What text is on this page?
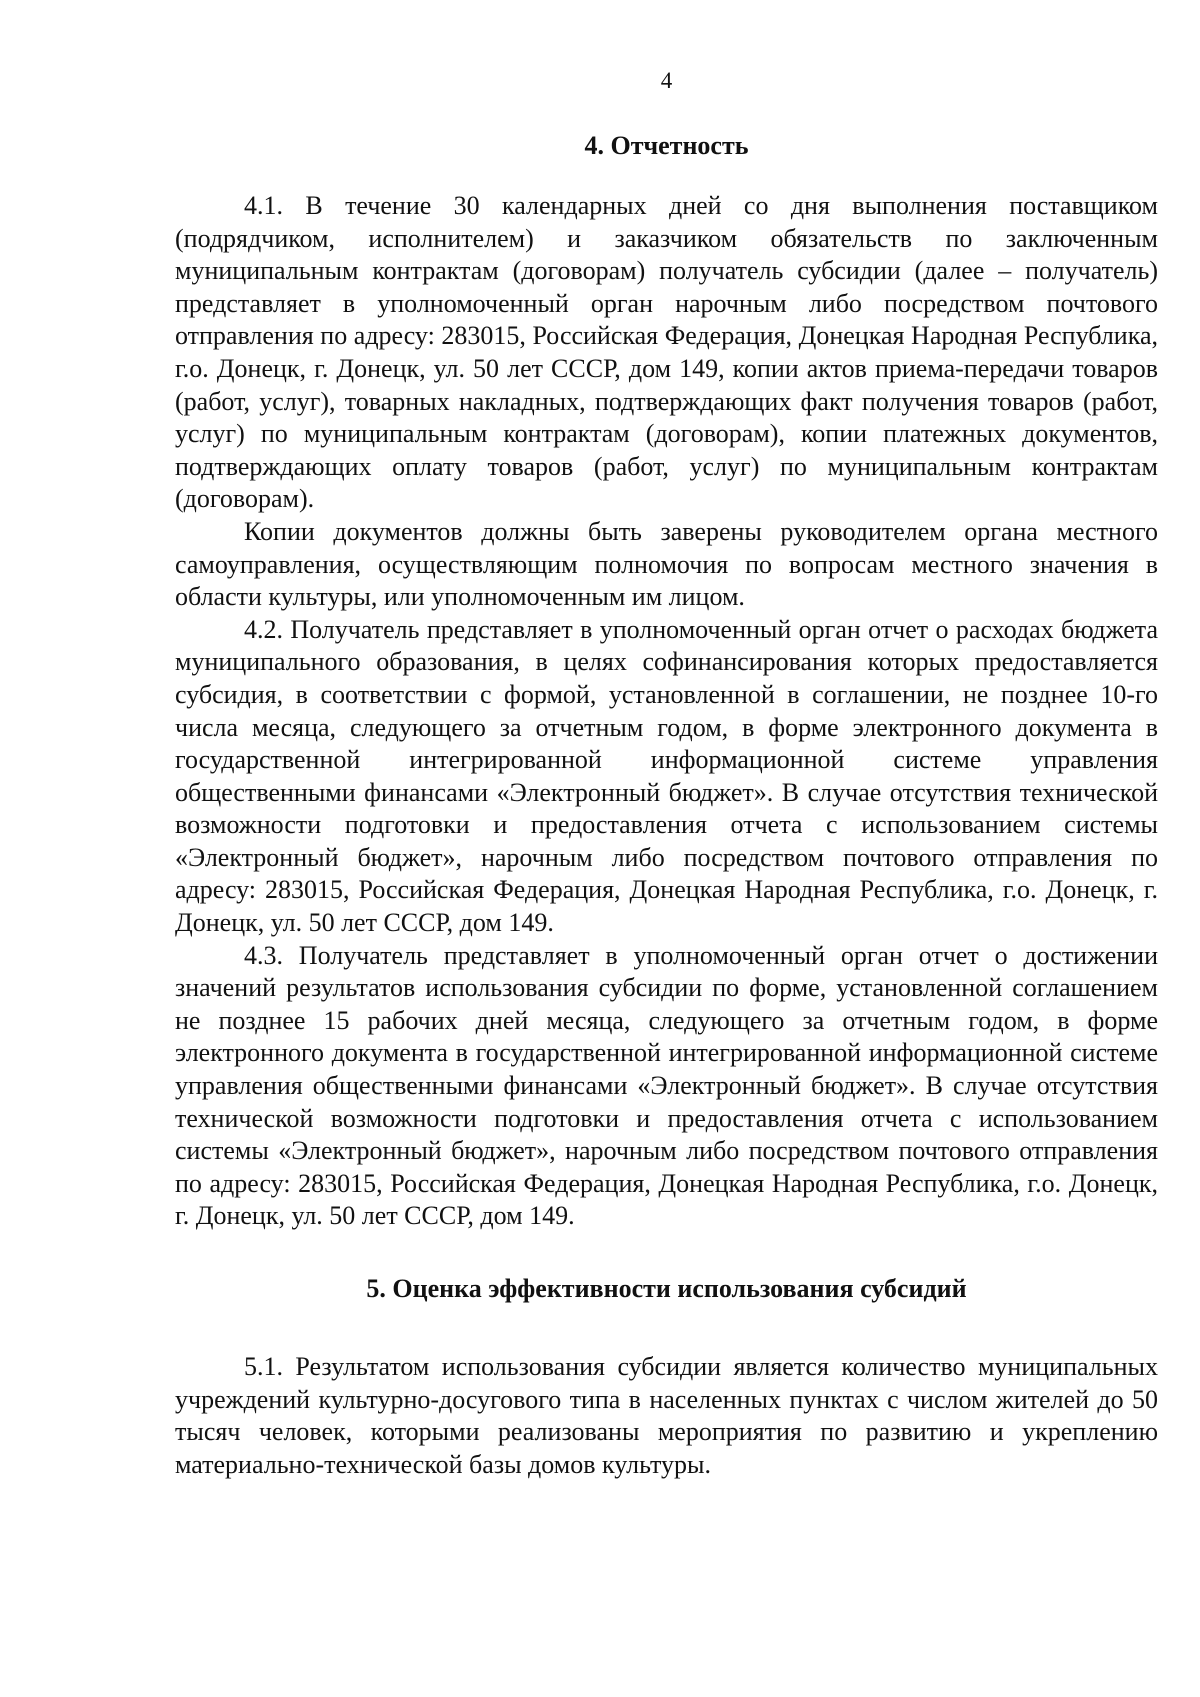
4
4. Отчетность

4.1. В течение 30 календарных дней со дня выполнения поставщиком (подрядчиком, исполнителем) и заказчиком обязательств по заключенным муниципальным контрактам (договорам) получатель субсидии (далее – получатель) представляет в уполномоченный орган нарочным либо посредством почтового отправления по адресу: 283015, Российская Федерация, Донецкая Народная Республика, г.о. Донецк, г. Донецк, ул. 50 лет СССР, дом 149, копии актов приема-передачи товаров (работ, услуг), товарных накладных, подтверждающих факт получения товаров (работ, услуг) по муниципальным контрактам (договорам), копии платежных документов, подтверждающих оплату товаров (работ, услуг) по муниципальным контрактам (договорам).

Копии документов должны быть заверены руководителем органа местного самоуправления, осуществляющим полномочия по вопросам местного значения в области культуры, или уполномоченным им лицом.

4.2. Получатель представляет в уполномоченный орган отчет о расходах бюджета муниципального образования, в целях софинансирования которых предоставляется субсидия, в соответствии с формой, установленной в соглашении, не позднее 10-го числа месяца, следующего за отчетным годом, в форме электронного документа в государственной интегрированной информационной системе управления общественными финансами «Электронный бюджет». В случае отсутствия технической возможности подготовки и предоставления отчета с использованием системы «Электронный бюджет», нарочным либо посредством почтового отправления по адресу: 283015, Российская Федерация, Донецкая Народная Республика, г.о. Донецк, г. Донецк, ул. 50 лет СССР, дом 149.

4.3. Получатель представляет в уполномоченный орган отчет о достижении значений результатов использования субсидии по форме, установленной соглашением не позднее 15 рабочих дней месяца, следующего за отчетным годом, в форме электронного документа в государственной интегрированной информационной системе управления общественными финансами «Электронный бюджет». В случае отсутствия технической возможности подготовки и предоставления отчета с использованием системы «Электронный бюджет», нарочным либо посредством почтового отправления по адресу: 283015, Российская Федерация, Донецкая Народная Республика, г.о. Донецк, г. Донецк, ул. 50 лет СССР, дом 149.

5. Оценка эффективности использования субсидий

5.1. Результатом использования субсидии является количество муниципальных учреждений культурно-досугового типа в населенных пунктах с числом жителей до 50 тысяч человек, которыми реализованы мероприятия по развитию и укреплению материально-технической базы домов культуры.
